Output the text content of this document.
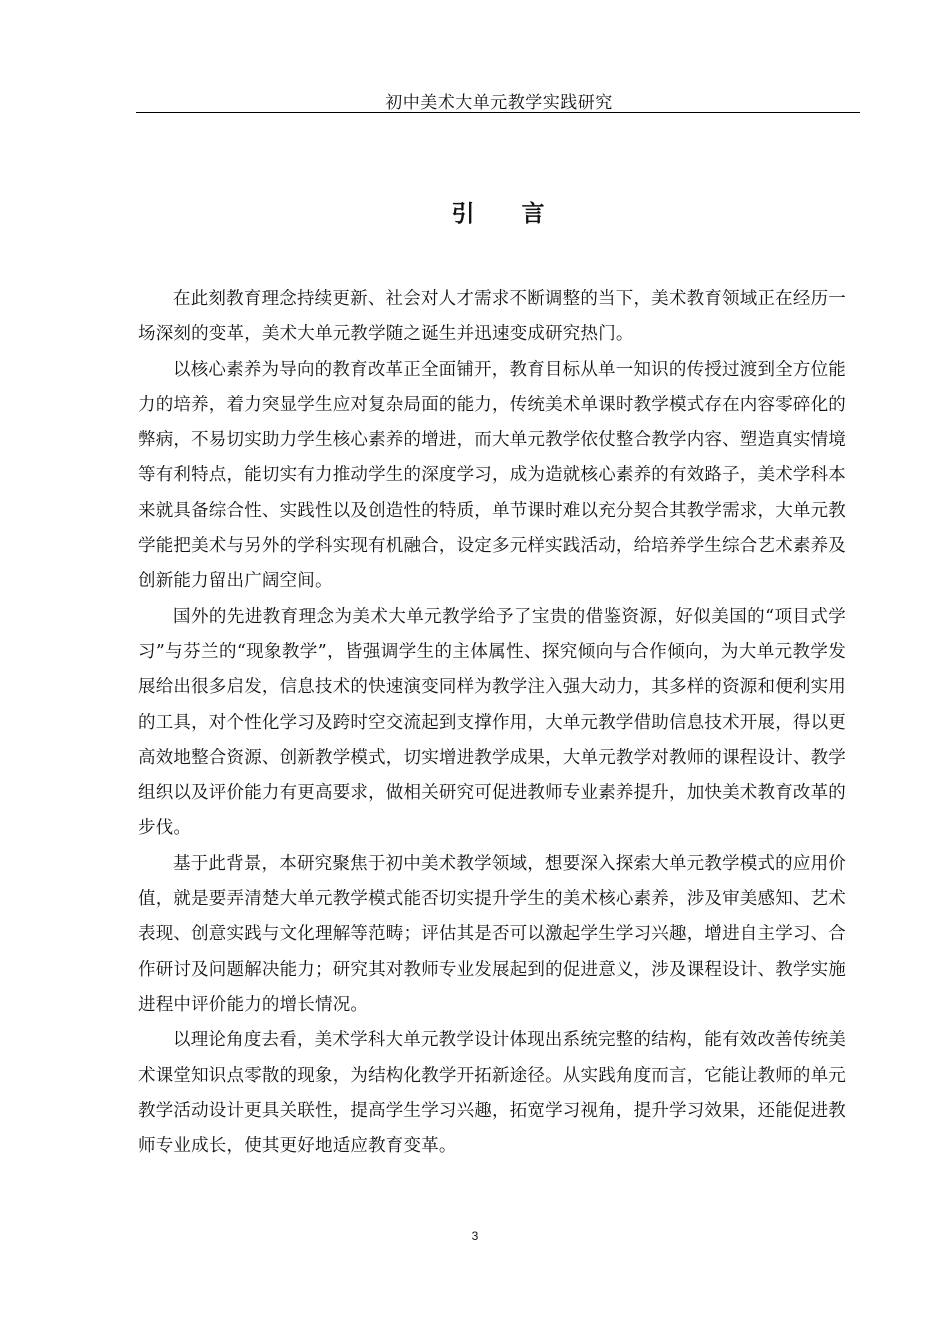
初中美术大单元教学实践研究
引 言

在此刻教育理念持续更新、社会对人才需求不断调整的当下，美术教育领域正在经历一场深刻的变革，美术大单元教学随之诞生并迅速变成研究热门。

以核心素养为导向的教育改革正全面铺开，教育目标从单一知识的传授过渡到全方位能力的培养，着力突显学生应对复杂局面的能力，传统美术单课时教学模式存在内容零碎化的弊病，不易切实助力学生核心素养的增进，而大单元教学依仗整合教学内容、塑造真实情境等有利特点，能切实有力推动学生的深度学习，成为造就核心素养的有效路子，美术学科本来就具备综合性、实践性以及创造性的特质，单节课时难以充分契合其教学需求，大单元教学能把美术与另外的学科实现有机融合，设定多元样实践活动，给培养学生综合艺术素养及创新能力留出广阔空间。

国外的先进教育理念为美术大单元教学给予了宝贵的借鉴资源，好似美国的“项目式学习”与芬兰的“现象教学”，皆强调学生的主体属性、探究倾向与合作倾向，为大单元教学发展给出很多启发，信息技术的快速演变同样为教学注入强大动力，其多样的资源和便利实用的工具，对个性化学习及跨时空交流起到支撑作用，大单元教学借助信息技术开展，得以更高效地整合资源、创新教学模式，切实增进教学成果，大单元教学对教师的课程设计、教学组织以及评价能力有更高要求，做相关研究可促进教师专业素养提升，加快美术教育改革的步伐。

基于此背景，本研究聚焦于初中美术教学领域，想要深入探索大单元教学模式的应用价值，就是要弄清楚大单元教学模式能否切实提升学生的美术核心素养，涉及审美感知、艺术表现、创意实践与文化理解等范畴；评估其是否可以激起学生学习兴趣，增进自主学习、合作研讨及问题解决能力；研究其对教师专业发展起到的促进意义，涉及课程设计、教学实施进程中评价能力的增长情况。

以理论角度去看，美术学科大单元教学设计体现出系统完整的结构，能有效改善传统美术课堂知识点零散的现象，为结构化教学开拓新途径。从实践角度而言，它能让教师的单元教学活动设计更具关联性，提高学生学习兴趣，拓宽学习视角，提升学习效果，还能促进教师专业成长，使其更好地适应教育变革。

3
